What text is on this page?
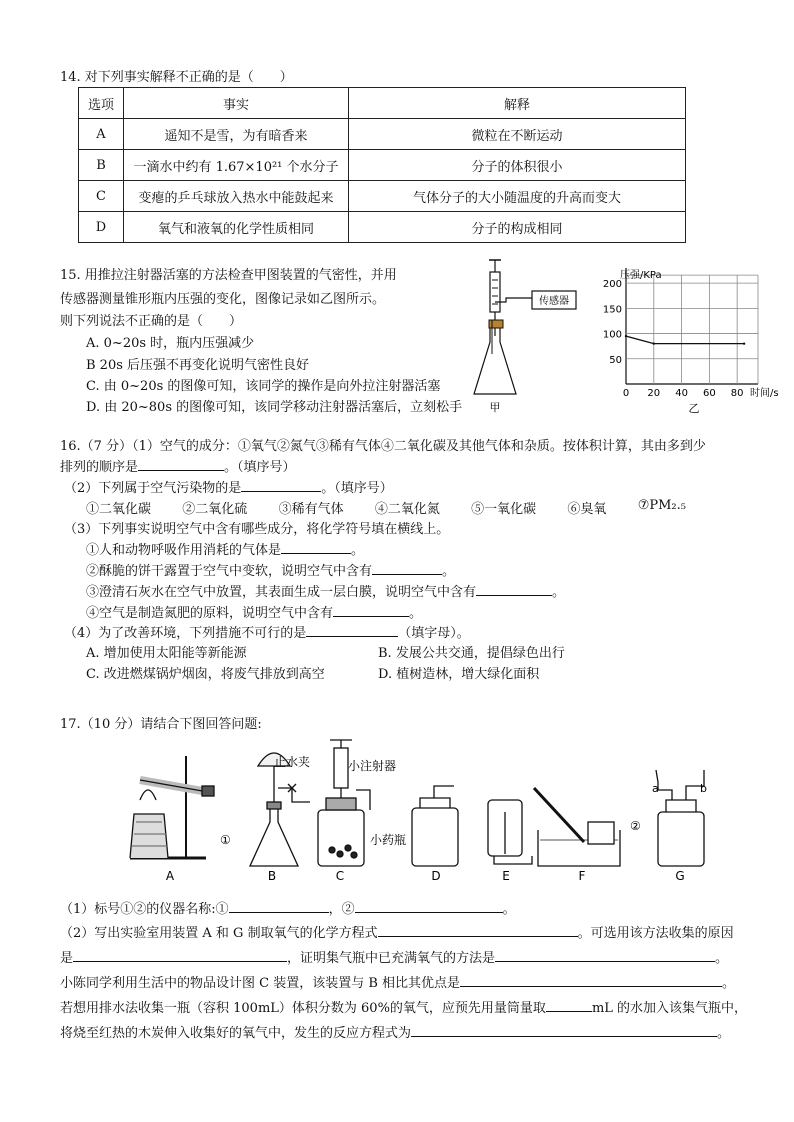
14. 对下列事实解释不正确的是（　　）
选项	事实	解释
A	遥知不是雪，为有暗香来	微粒在不断运动
B	一滴水中约有 1.67×10²¹ 个水分子	分子的体积很小
C	变瘪的乒乓球放入热水中能鼓起来	气体分子的大小随温度的升高而变大
D	氧气和液氧的化学性质相同	分子的构成相同
15. 用推拉注射器活塞的方法检查甲图装置的气密性，并用
传感器测量锥形瓶内压强的变化，图像记录如乙图所示。
则下列说法不正确的是（　　）
A. 0~20s 时，瓶内压强减少
B 20s 后压强不再变化说明气密性良好
C. 由 0~20s 的图像可知，该同学的操作是向外拉注射器活塞
D. 由 20~80s 的图像可知，该同学移动注射器活塞后，立刻松手
传感器
甲
50
100
150
200
0 20 40 60 80
压强/KPa
时间/s
乙
16.（7 分）（1）空气的成分：①氧气②氮气③稀有气体④二氧化碳及其他气体和杂质。按体积计算，其由多到少
排列的顺序是	。（填序号）
（2）下列属于空气污染物的是	。（填序号）
①二氧化碳 ②二氧化硫 ③稀有气体 ④二氧化氮 ⑤一氧化碳 ⑥臭氧 ⑦PM₂.₅
（3）下列事实说明空气中含有哪些成分，将化学符号填在横线上。
①人和动物呼吸作用消耗的气体是	。
②酥脆的饼干露置于空气中变软，说明空气中含有	。
③澄清石灰水在空气中放置，其表面生成一层白膜，说明空气中含有	。
④空气是制造氮肥的原料，说明空气中含有	。
（4）为了改善环境，下列措施不可行的是	（填字母）。
A. 增加使用太阳能等新能源	B. 发展公共交通，提倡绿色出行
C. 改进燃煤锅炉烟囱，将废气排放到高空	D. 植树造林，增大绿化面积
17.（10 分）请结合下图回答问题:
A	B	C	D	E	F	G
止水夹	小注射器
小药瓶
①
②
a	b
（1）标号①②的仪器名称:①	，②	。
（2）写出实验室用装置 A 和 G 制取氧气的化学方程式	。可选用该方法收集的原因
是	，证明集气瓶中已充满氧气的方法是	。
小陈同学利用生活中的物品设计图 C 装置，该装置与 B 相比其优点是	。
若想用排水法收集一瓶（容积 100mL）体积分数为 60%的氧气，应预先用量筒量取	mL 的水加入该集气瓶中，
将烧至红热的木炭伸入收集好的氧气中，发生的反应方程式为	。
